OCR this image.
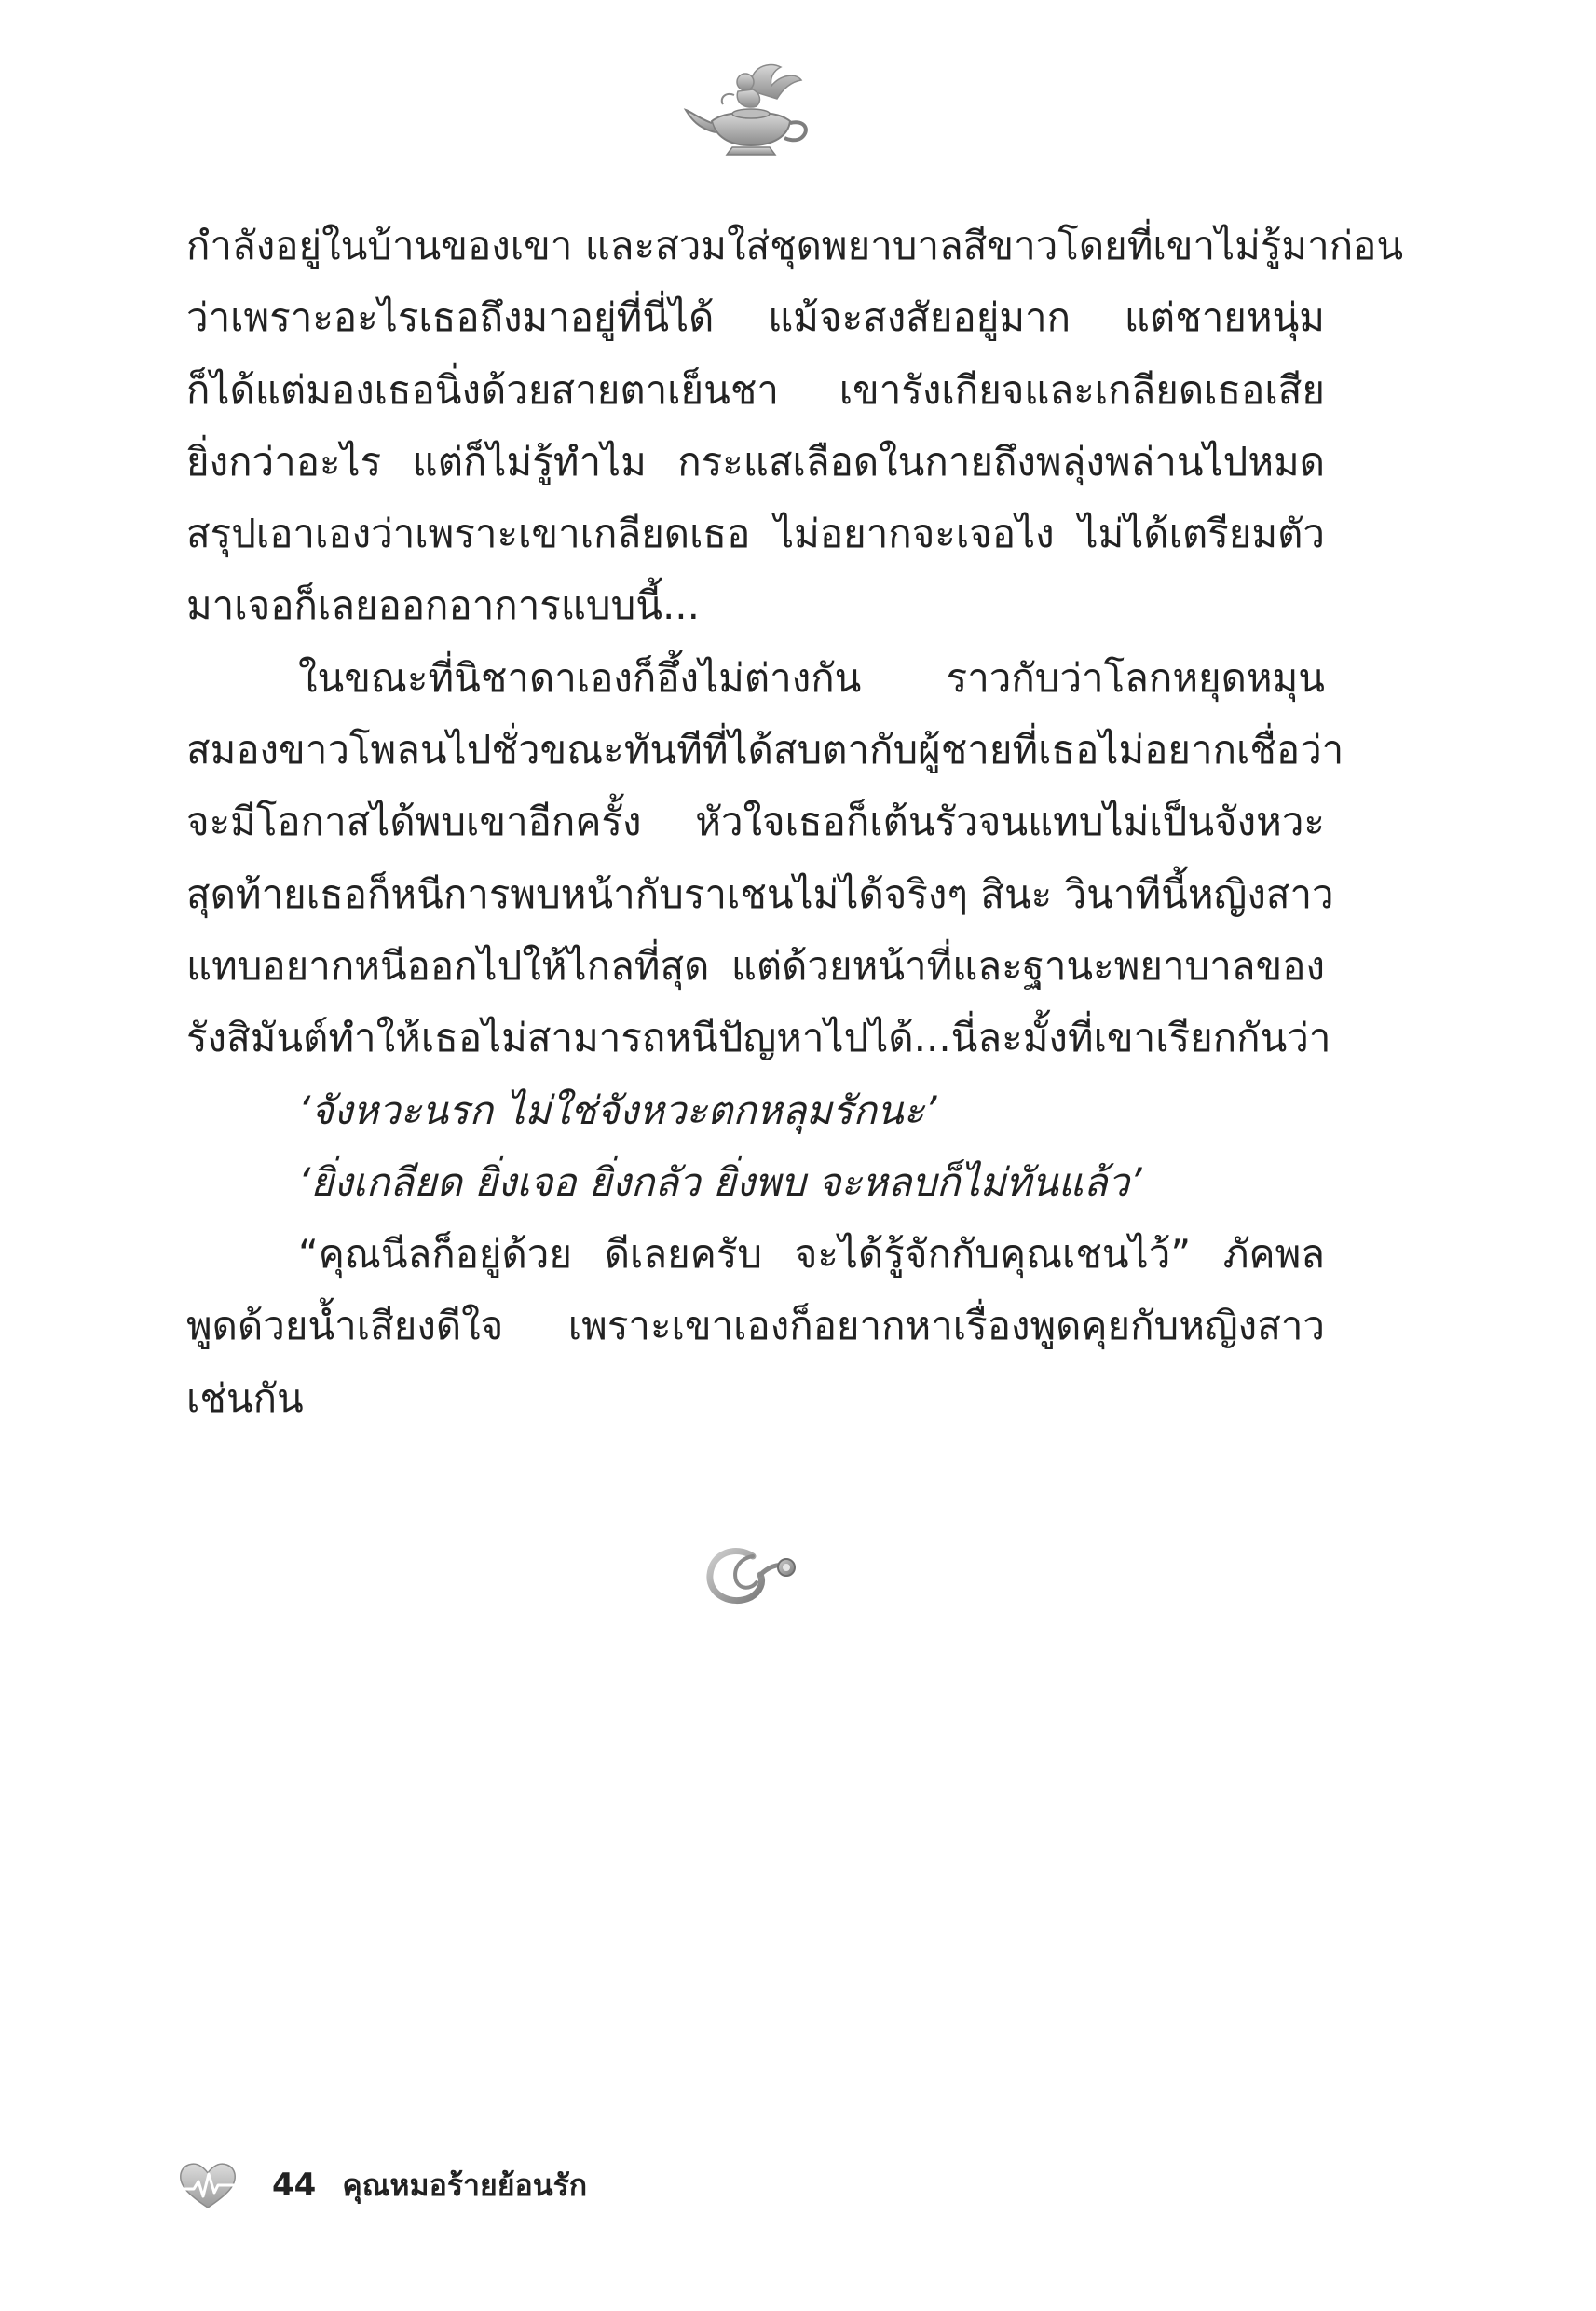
กำลังอยู่ในบ้านของเขา และสวมใส่ชุดพยาบาลสีขาวโดยที่เขาไม่รู้มาก่อน
ว่าเพราะอะไรเธอถึงมาอยู่ที่นี่ได้ แม้จะสงสัยอยู่มาก แต่ชายหนุ่ม
ก็ได้แต่มองเธอนิ่งด้วยสายตาเย็นชา เขารังเกียจและเกลียดเธอเสีย
ยิ่งกว่าอะไร แต่ก็ไม่รู้ทำไม กระแสเลือดในกายถึงพลุ่งพล่านไปหมด
สรุปเอาเองว่าเพราะเขาเกลียดเธอ ไม่อยากจะเจอไง ไม่ได้เตรียมตัว
มาเจอก็เลยออกอาการแบบนี้...
ในขณะที่นิชาดาเองก็อึ้งไม่ต่างกัน ราวกับว่าโลกหยุดหมุน
สมองขาวโพลนไปชั่วขณะทันทีที่ได้สบตากับผู้ชายที่เธอไม่อยากเชื่อว่า
จะมีโอกาสได้พบเขาอีกครั้ง หัวใจเธอก็เต้นรัวจนแทบไม่เป็นจังหวะ
สุดท้ายเธอก็หนีการพบหน้ากับราเชนไม่ได้จริงๆ สินะ วินาทีนี้หญิงสาว
แทบอยากหนีออกไปให้ไกลที่สุด แต่ด้วยหน้าที่และฐานะพยาบาลของ
รังสิมันต์ทำให้เธอไม่สามารถหนีปัญหาไปได้...นี่ละมั้งที่เขาเรียกกันว่า
‘จังหวะนรก ไม่ใช่จังหวะตกหลุมรักนะ’
‘ยิ่งเกลียด ยิ่งเจอ ยิ่งกลัว ยิ่งพบ จะหลบก็ไม่ทันแล้ว’
“คุณนีลก็อยู่ด้วย ดีเลยครับ จะได้รู้จักกับคุณเชนไว้” ภัคพล
พูดด้วยน้ำเสียงดีใจ เพราะเขาเองก็อยากหาเรื่องพูดคุยกับหญิงสาว
เช่นกัน
44 คุณหมอร้ายย้อนรัก
